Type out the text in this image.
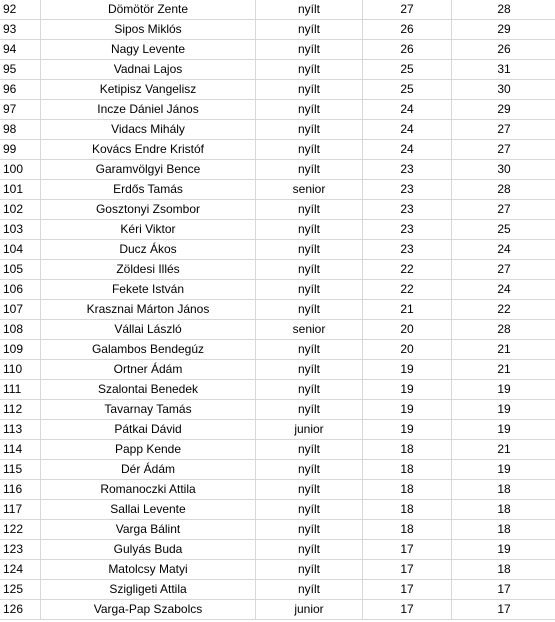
92	Dömötör Zente	nyílt	27	28
93	Sipos Miklós	nyílt	26	29
94	Nagy Levente	nyílt	26	26
95	Vadnai Lajos	nyílt	25	31
96	Ketipisz Vangelisz	nyílt	25	30
97	Incze Dániel János	nyílt	24	29
98	Vidacs Mihály	nyílt	24	27
99	Kovács Endre Kristóf	nyílt	24	27
100	Garamvölgyi Bence	nyílt	23	30
101	Erdős Tamás	senior	23	28
102	Gosztonyi Zsombor	nyílt	23	27
103	Kéri Viktor	nyílt	23	25
104	Ducz Ákos	nyílt	23	24
105	Zöldesi Illés	nyílt	22	27
106	Fekete István	nyílt	22	24
107	Krasznai Márton János	nyílt	21	22
108	Vállai László	senior	20	28
109	Galambos Bendegúz	nyílt	20	21
110	Ortner Ádám	nyílt	19	21
111	Szalontai Benedek	nyílt	19	19
112	Tavarnay Tamás	nyílt	19	19
113	Pátkai Dávid	junior	19	19
114	Papp Kende	nyílt	18	21
115	Dér Ádám	nyílt	18	19
116	Romanoczki Attila	nyílt	18	18
117	Sallai Levente	nyílt	18	18
122	Varga Bálint	nyílt	18	18
123	Gulyás Buda	nyílt	17	19
124	Matolcsy Matyi	nyílt	17	18
125	Szigligeti Attila	nyílt	17	17
126	Varga-Pap Szabolcs	junior	17	17
